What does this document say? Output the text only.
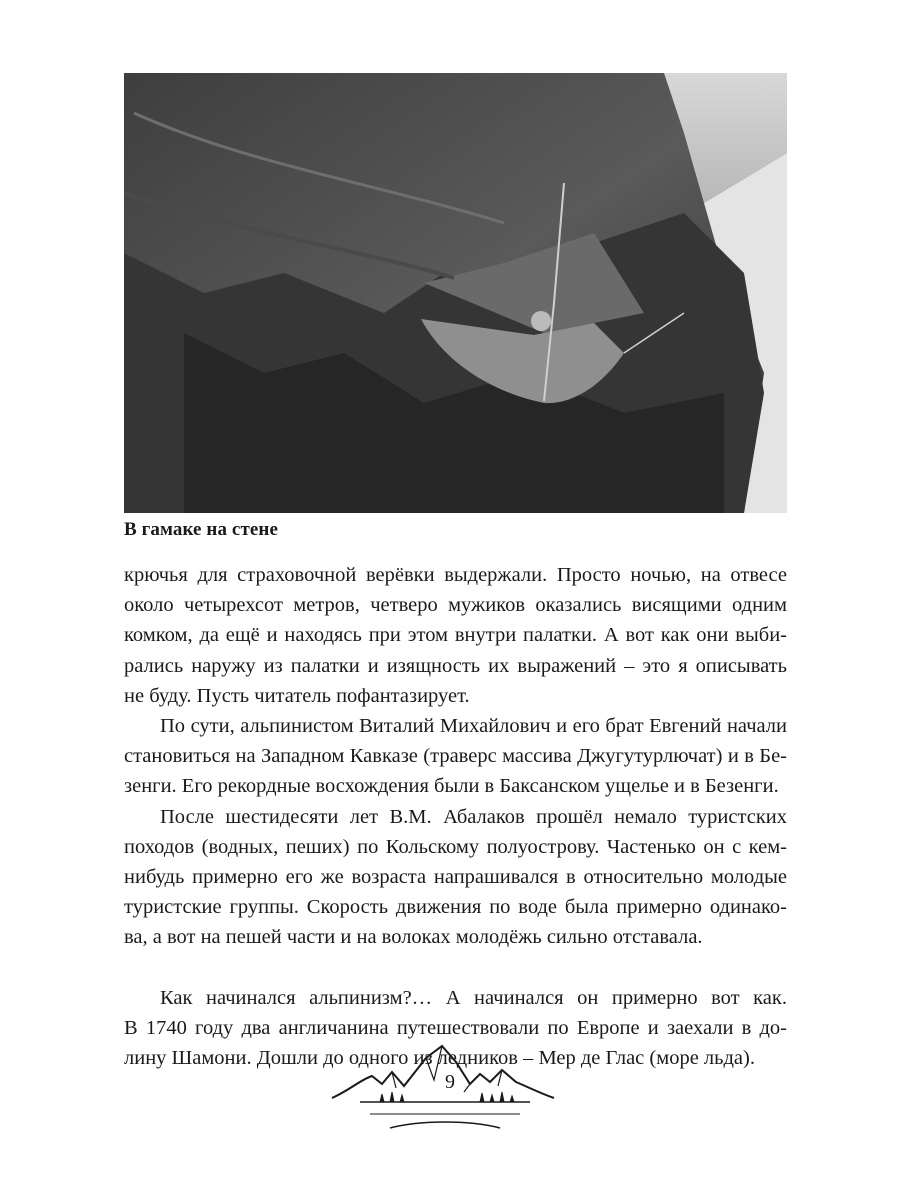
В гамаке на стене

крючья для страховочной верёвки выдержали. Просто ночью, на отвесе
около четырехсот метров, четверо мужиков оказались висящими одним
комком, да ещё и находясь при этом внутри палатки. А вот как они выби-
рались наружу из палатки и изящность их выражений – это я описывать
не буду. Пусть читатель пофантазирует.

По сути, альпинистом Виталий Михайлович и его брат Евгений начали
становиться на Западном Кавказе (траверс массива Джугутурлючат) и в Бе-
зенги. Его рекордные восхождения были в Баксанском ущелье и в Безенги.

После шестидесяти лет В.М. Абалаков прошёл немало туристских
походов (водных, пеших) по Кольскому полуострову. Частенько он с кем-
нибудь примерно его же возраста напрашивался в относительно молодые
туристские группы. Скорость движения по воде была примерно одинако-
ва, а вот на пешей части и на волоках молодёжь сильно отставала.

Как начинался альпинизм?… А начинался он примерно вот как.
В 1740 году два англичанина путешествовали по Европе и заехали в до-
лину Шамони. Дошли до одного из ледников – Мер де Глас (море льда).

9
